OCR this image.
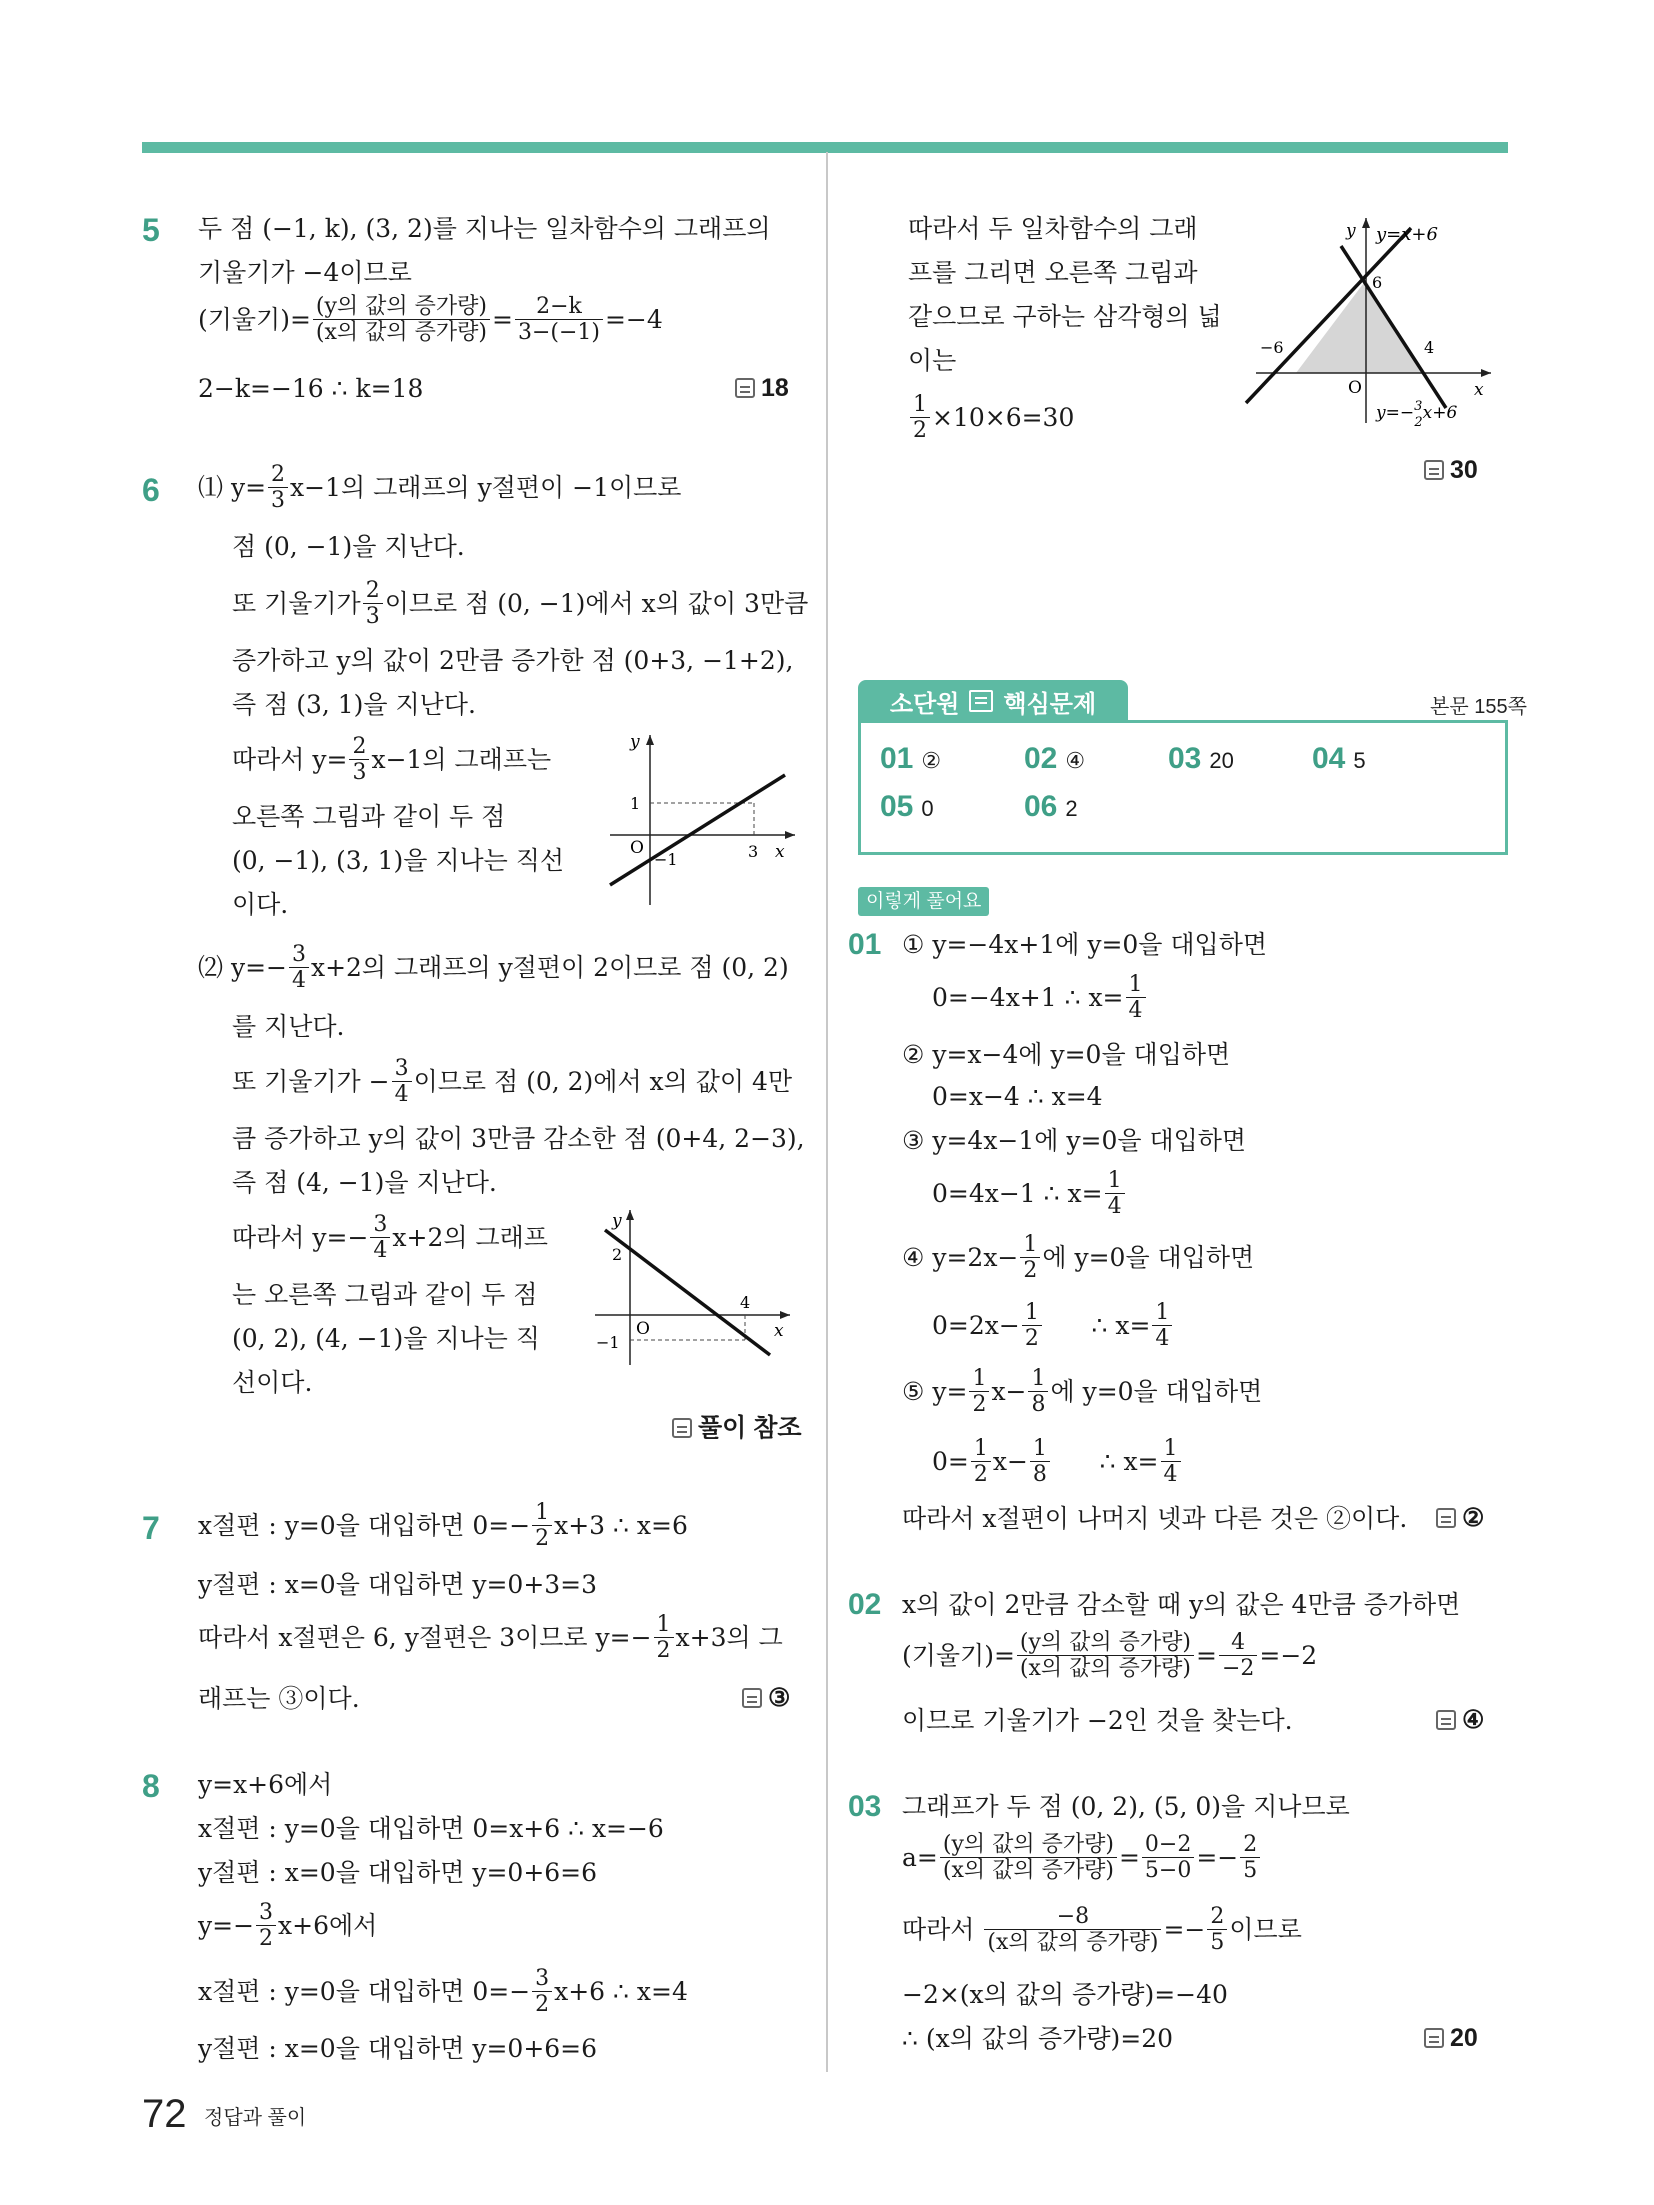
5 두 점 (−1, k), (3, 2)를 지나는 일차함수의 그래프의
기울기가 −4이므로
(기울기)= $\frac{\text{(y의 값의 증가량)}}{\text{(x의 값의 증가량)}} = \frac{2-k}{3-(-1)} =-4$
2−k=−16 ∴ k=18	18
6 ⑴ $y= \frac{2}{3} x-1$의 그래프의 y절편이 −1이므로
점 (0, −1)을 지난다.
또 기울기가 $\frac{2}{3}$ 이므로 점 (0, −1)에서 x의 값이 3만큼
증가하고 y의 값이 2만큼 증가한 점 (0+3, −1+2),
즉 점 (3, 1)을 지난다.
따라서 $y= \frac{2}{3} x-1$의 그래프는
오른쪽 그림과 같이 두 점
(0, −1), (3, 1)을 지나는 직선
이다.
y
x
O
1
−1	3
⑵ $y=- \frac{3}{4} x+2$의 그래프의 y절편이 2이므로 점 (0, 2)
를 지난다.
또 기울기가 − $\frac{3}{4}$ 이므로 점 (0, 2)에서 x의 값이 4만
큼 증가하고 y의 값이 3만큼 감소한 점 (0+4, 2−3),
즉 점 (4, −1)을 지난다.
따라서 $y=- \frac{3}{4} x+2$의 그래프
는 오른쪽 그림과 같이 두 점
(0, 2), (4, −1)을 지나는 직
선이다.
y
x
O
2
−1
4
풀이 참조
7 x절편 : y=0을 대입하면 $0=- \frac{1}{2} x+3$ ∴ x=6
y절편 : x=0을 대입하면 y=0+3=3
따라서 x절편은 6, y절편은 3이므로 $y=- \frac{1}{2} x+3$의 그
래프는 ③이다.	③
8 y=x+6에서
x절편 : y=0을 대입하면 0=x+6 ∴ x=−6
y절편 : x=0을 대입하면 y=0+6=6
$y=- \frac{3}{2} x+6$에서
x절편 : y=0을 대입하면 $0=- \frac{3}{2} x+6$ ∴ x=4
y절편 : x=0을 대입하면 y=0+6=6
따라서 두 일차함수의 그래
프를 그리면 오른쪽 그림과
같으므로 구하는 삼각형의 넓
이는
$\frac{1}{2} \times 10\times 6=30$
y y=x+6
x
O
6
−6	4
y=−$^3$ 2x+6
30
소단원 핵심문제	본문 155쪽
01 ②	02 ④	03 20	04 5
05 0	06 2
이렇게 풀어요
01 ① y=−4x+1에 y=0을 대입하면
0=−4x+1 ∴ $x= \frac{1}{4}$
② y=x−4에 y=0을 대입하면
0=x−4 ∴ x=4
③ y=4x−1에 y=0을 대입하면
0=4x−1 ∴ $x= \frac{1}{4}$
④ $y=2x- \frac{1}{2}$ 에 y=0을 대입하면
$0=2x- \frac{1}{2}$ ∴ $x= \frac{1}{4}$
⑤ $y= \frac{1}{2} x- \frac{1}{8}$ 에 y=0을 대입하면
$0= \frac{1}{2} x- \frac{1}{8}$ ∴ $x= \frac{1}{4}$
따라서 x절편이 나머지 넷과 다른 것은 ②이다.	②
02 x의 값이 2만큼 감소할 때 y의 값은 4만큼 증가하면
(기울기)= $\frac{\text{(y의 값의 증가량)}}{\text{(x의 값의 증가량)}} = \frac{4}{-2} =-2$
이므로 기울기가 −2인 것을 찾는다.	④
03 그래프가 두 점 (0, 2), (5, 0)을 지나므로
$a= \frac{\text{(y의 값의 증가량)}}{\text{(x의 값의 증가량)}} = \frac{0-2}{5-0} =- \frac{2}{5}$
따라서 $\frac{-8}{\text{(x의 값의 증가량)}} =- \frac{2}{5}$ 이므로
−2×(x의 값의 증가량)=−40
∴ (x의 값의 증가량)=20	20
72 정답과 풀이
